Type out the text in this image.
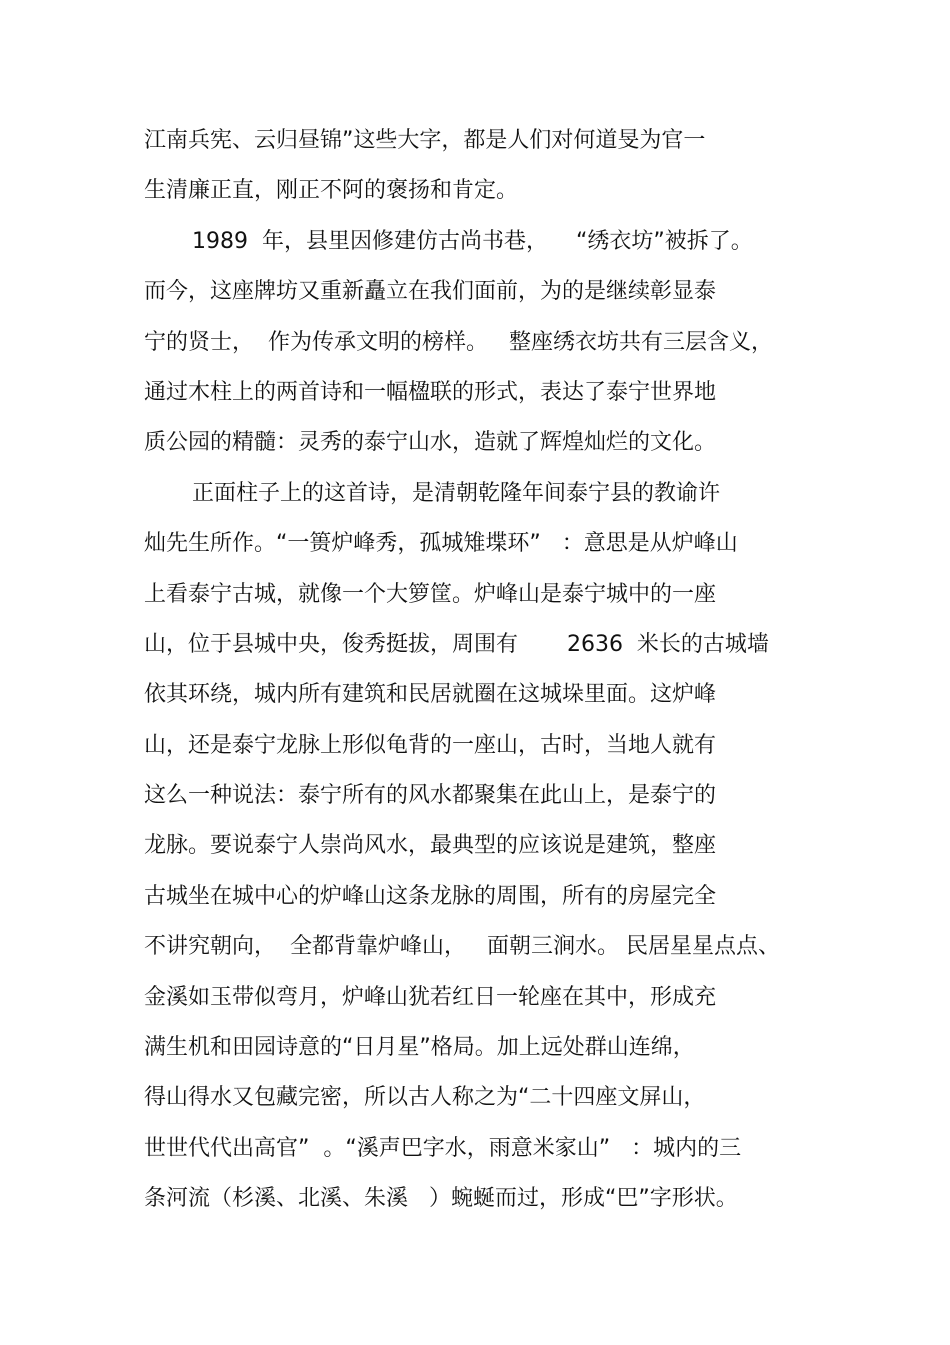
江南兵宪、云归昼锦”这些大字，都是人们对何道旻为官一
生清廉正直，刚正不阿的褒扬和肯定。
1989  年，县里因修建仿古尚书巷，    “绣衣坊”被拆了。
而今，这座牌坊又重新矗立在我们面前，为的是继续彰显泰
宁的贤士，  作为传承文明的榜样。   整座绣衣坊共有三层含义，
通过木柱上的两首诗和一幅楹联的形式，表达了泰宁世界地
质公园的精髓：灵秀的泰宁山水，造就了辉煌灿烂的文化。
正面柱子上的这首诗，是清朝乾隆年间泰宁县的教谕许
灿先生所作。“一篑炉峰秀，孤城雉堞环”   ：意思是从炉峰山
上看泰宁古城，就像一个大箩筐。炉峰山是泰宁城中的一座
山，位于县城中央，俊秀挺拔，周围有       2636  米长的古城墙
依其环绕，城内所有建筑和民居就圈在这城垛里面。这炉峰
山，还是泰宁龙脉上形似龟背的一座山，古时，当地人就有
这么一种说法：泰宁所有的风水都聚集在此山上，是泰宁的
龙脉。要说泰宁人崇尚风水，最典型的应该说是建筑，整座
古城坐在城中心的炉峰山这条龙脉的周围，所有的房屋完全
不讲究朝向，  全都背靠炉峰山，   面朝三涧水。 民居星星点点、
金溪如玉带似弯月，炉峰山犹若红日一轮座在其中，形成充
满生机和田园诗意的“日月星”格局。加上远处群山连绵，
得山得水又包藏完密，所以古人称之为“二十四座文屏山，
世世代代出高官”  。“溪声巴字水，雨意米家山”   ：城内的三
条河流（杉溪、北溪、朱溪   ）蜿蜒而过，形成“巴”字形状。
